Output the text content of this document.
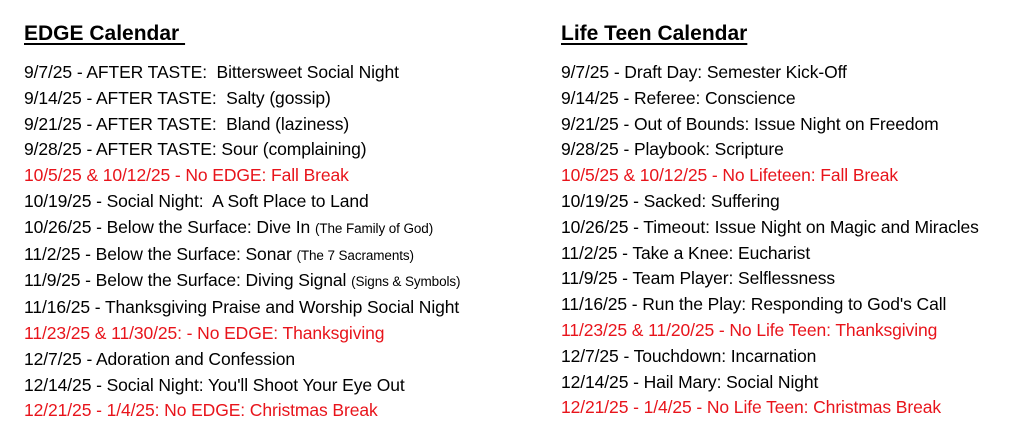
EDGE Calendar
9/7/25 - AFTER TASTE:  Bittersweet Social Night
9/14/25 - AFTER TASTE:  Salty (gossip)
9/21/25 - AFTER TASTE:  Bland (laziness)
9/28/25 - AFTER TASTE: Sour (complaining)
10/5/25 & 10/12/25 - No EDGE: Fall Break
10/19/25 - Social Night:  A Soft Place to Land
10/26/25 - Below the Surface: Dive In (The Family of God)
11/2/25 - Below the Surface: Sonar (The 7 Sacraments)
11/9/25 - Below the Surface: Diving Signal (Signs & Symbols)
11/16/25 - Thanksgiving Praise and Worship Social Night
11/23/25 & 11/30/25: - No EDGE: Thanksgiving
12/7/25 - Adoration and Confession
12/14/25 - Social Night: You'll Shoot Your Eye Out
12/21/25 - 1/4/25: No EDGE: Christmas Break
Life Teen Calendar
9/7/25 - Draft Day: Semester Kick-Off
9/14/25 - Referee: Conscience
9/21/25 - Out of Bounds: Issue Night on Freedom
9/28/25 - Playbook: Scripture
10/5/25 & 10/12/25 - No Lifeteen: Fall Break
10/19/25 - Sacked: Suffering
10/26/25 - Timeout: Issue Night on Magic and Miracles
11/2/25 - Take a Knee: Eucharist
11/9/25 - Team Player: Selflessness
11/16/25 - Run the Play: Responding to God's Call
11/23/25 & 11/20/25 - No Life Teen: Thanksgiving
12/7/25 - Touchdown: Incarnation
12/14/25 - Hail Mary: Social Night
12/21/25 - 1/4/25 - No Life Teen: Christmas Break
